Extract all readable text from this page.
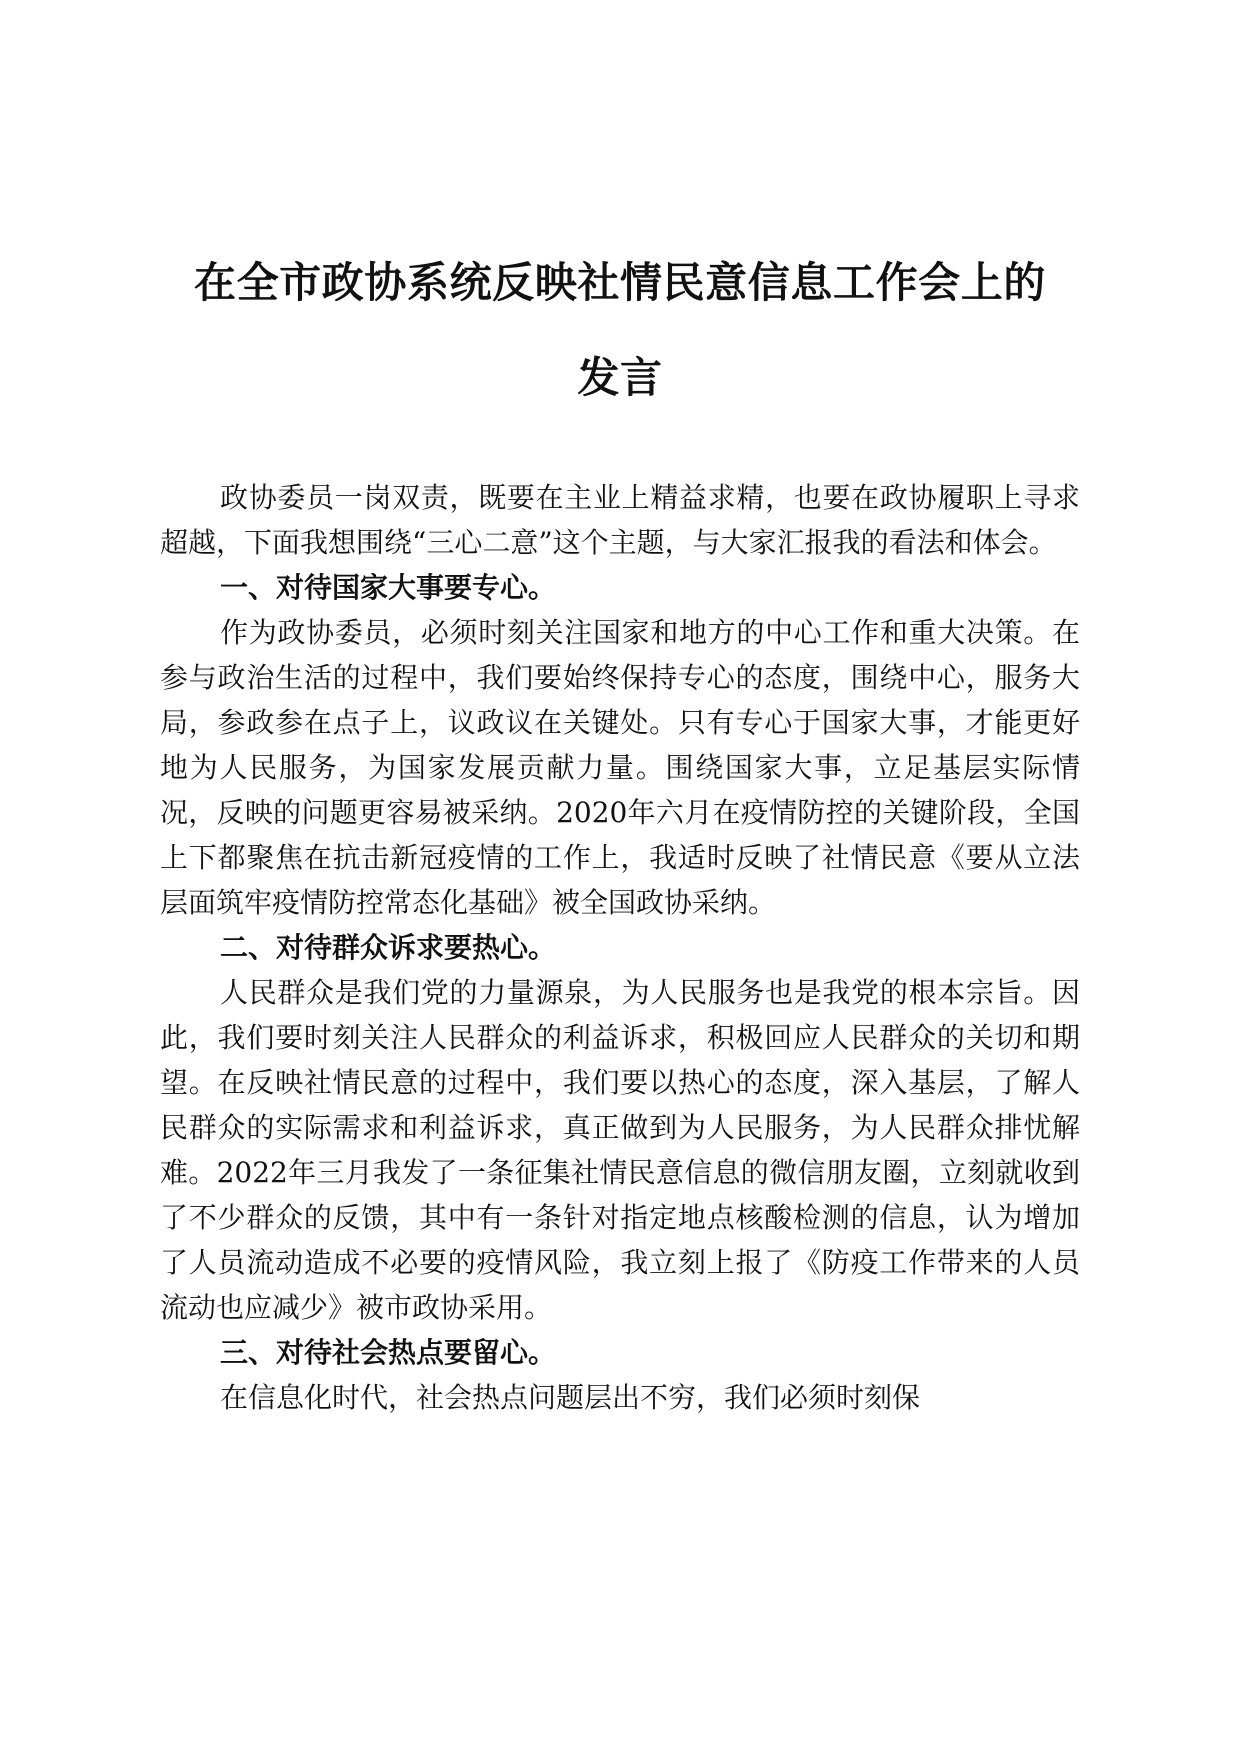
在全市政协系统反映社情民意信息工作会上的
发言

政协委员一岗双责，既要在主业上精益求精，也要在政协履职上寻求超越，下面我想围绕“三心二意”这个主题，与大家汇报我的看法和体会。

一、对待国家大事要专心。

作为政协委员，必须时刻关注国家和地方的中心工作和重大决策。在参与政治生活的过程中，我们要始终保持专心的态度，围绕中心，服务大局，参政参在点子上，议政议在关键处。只有专心于国家大事，才能更好地为人民服务，为国家发展贡献力量。围绕国家大事，立足基层实际情况，反映的问题更容易被采纳。2020年六月在疫情防控的关键阶段，全国上下都聚焦在抗击新冠疫情的工作上，我适时反映了社情民意《要从立法层面筑牢疫情防控常态化基础》被全国政协采纳。

二、对待群众诉求要热心。

人民群众是我们党的力量源泉，为人民服务也是我党的根本宗旨。因此，我们要时刻关注人民群众的利益诉求，积极回应人民群众的关切和期望。在反映社情民意的过程中，我们要以热心的态度，深入基层，了解人民群众的实际需求和利益诉求，真正做到为人民服务，为人民群众排忧解难。2022年三月我发了一条征集社情民意信息的微信朋友圈，立刻就收到了不少群众的反馈，其中有一条针对指定地点核酸检测的信息，认为增加了人员流动造成不必要的疫情风险，我立刻上报了《防疫工作带来的人员流动也应减少》被市政协采用。

三、对待社会热点要留心。

在信息化时代，社会热点问题层出不穷，我们必须时刻保
